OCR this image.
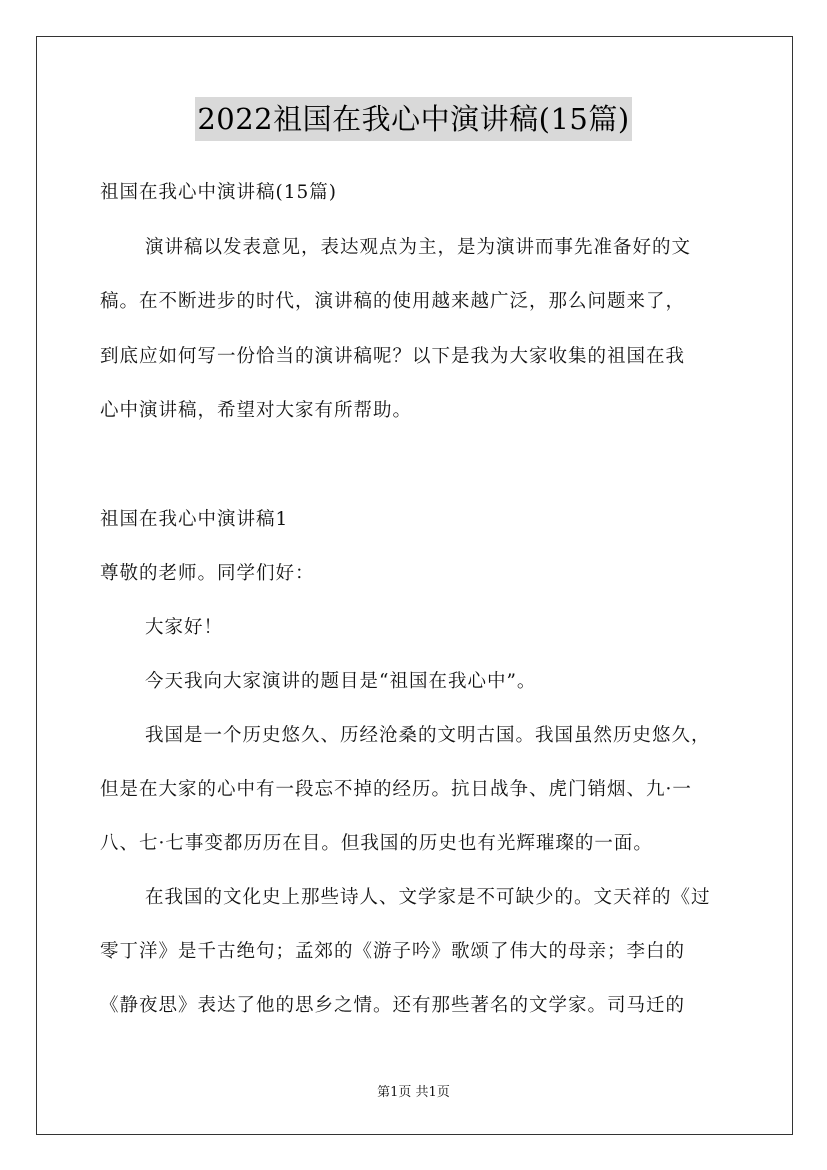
2022祖国在我心中演讲稿(15篇)
祖国在我心中演讲稿(15篇)
演讲稿以发表意见，表达观点为主，是为演讲而事先准备好的文
稿。在不断进步的时代，演讲稿的使用越来越广泛，那么问题来了，
到底应如何写一份恰当的演讲稿呢？以下是我为大家收集的祖国在我
心中演讲稿，希望对大家有所帮助。
祖国在我心中演讲稿1
尊敬的老师。同学们好：
大家好！
今天我向大家演讲的题目是“祖国在我心中”。
我国是一个历史悠久、历经沧桑的文明古国。我国虽然历史悠久，
但是在大家的心中有一段忘不掉的经历。抗日战争、虎门销烟、九·一
八、七·七事变都历历在目。但我国的历史也有光辉璀璨的一面。
在我国的文化史上那些诗人、文学家是不可缺少的。文天祥的《过
零丁洋》是千古绝句；孟郊的《游子吟》歌颂了伟大的母亲；李白的
《静夜思》表达了他的思乡之情。还有那些著名的文学家。司马迁的
第1页 共1页
